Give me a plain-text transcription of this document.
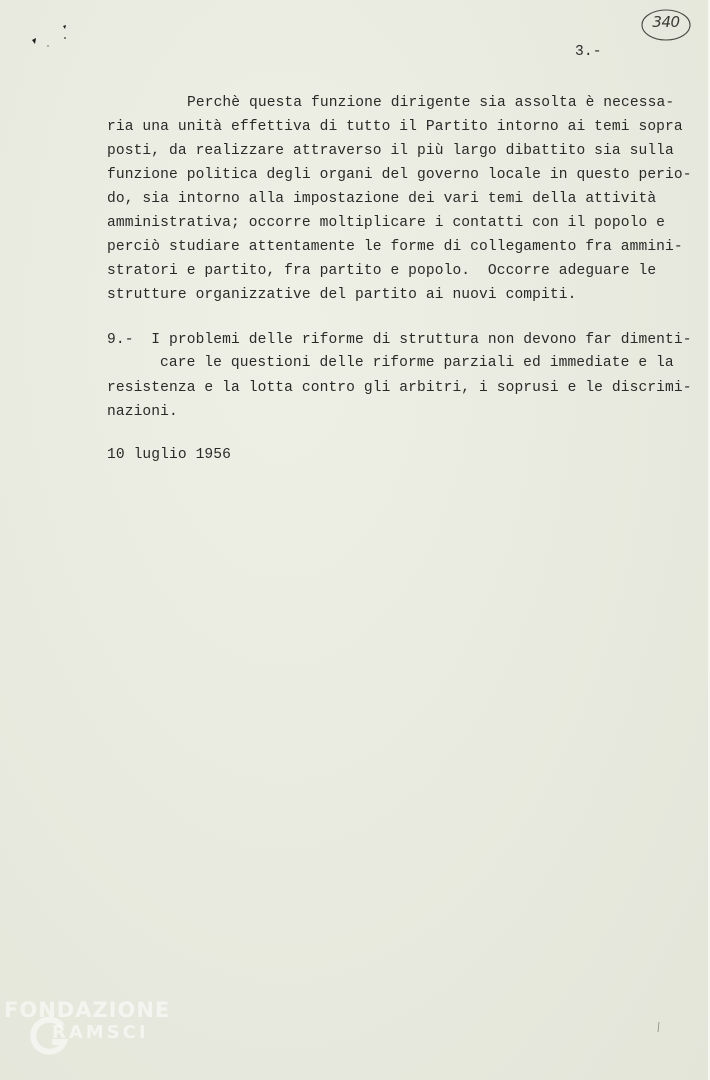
340
3.-
Perchè questa funzione dirigente sia assolta è necessa-
ria una unità effettiva di tutto il Partito intorno ai temi sopra
posti, da realizzare attraverso il più largo dibattito sia sulla
funzione politica degli organi del governo locale in questo perio-
do, sia intorno alla impostazione dei vari temi della attività
amministrativa; occorre moltiplicare i contatti con il popolo e
perciò studiare attentamente le forme di collegamento fra ammini-
stratori e partito, fra partito e popolo.  Occorre adeguare le
strutture organizzative del partito ai nuovi compiti.
9.-  I problemi delle riforme di struttura non devono far dimenti-
care le questioni delle riforme parziali ed immediate e la
resistenza e la lotta contro gli arbitri, i soprusi e le discrimi-
nazioni.
10 luglio 1956
FONDAZIONE
RAMSCI
